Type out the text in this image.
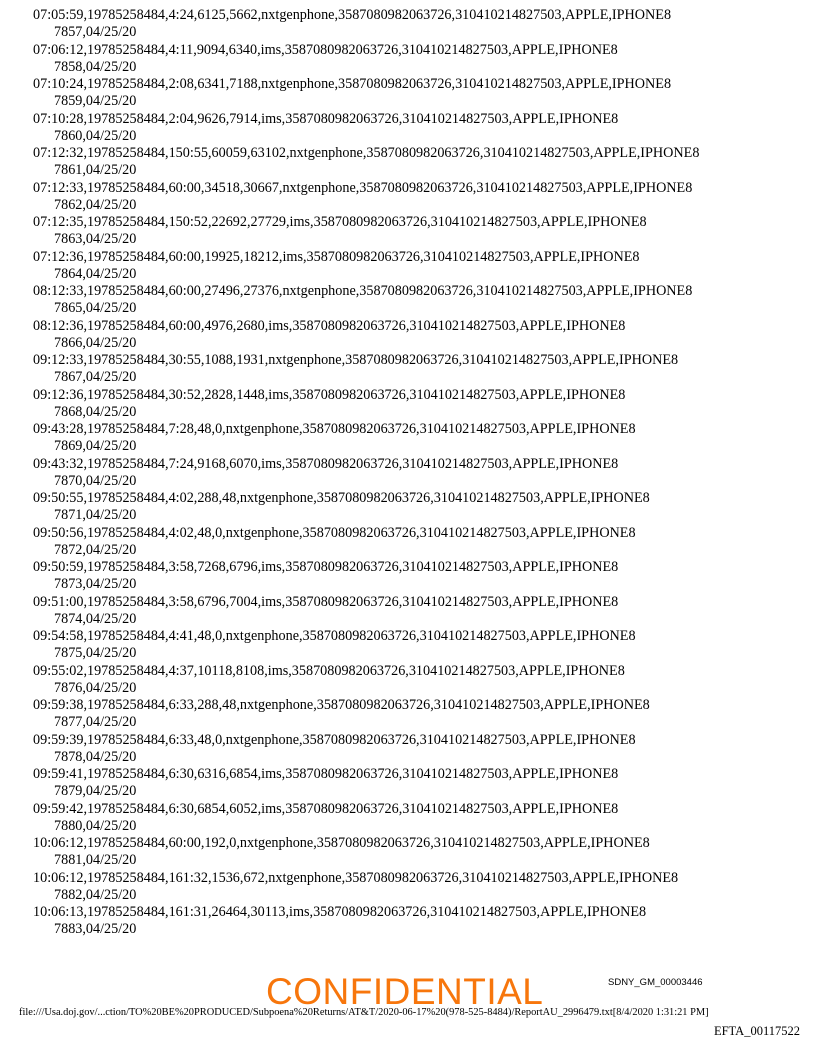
07:05:59,19785258484,4:24,6125,5662,nxtgenphone,3587080982063726,310410214827503,APPLE,IPHONE8
7857,04/25/20
07:06:12,19785258484,4:11,9094,6340,ims,3587080982063726,310410214827503,APPLE,IPHONE8
7858,04/25/20
07:10:24,19785258484,2:08,6341,7188,nxtgenphone,3587080982063726,310410214827503,APPLE,IPHONE8
7859,04/25/20
07:10:28,19785258484,2:04,9626,7914,ims,3587080982063726,310410214827503,APPLE,IPHONE8
7860,04/25/20
07:12:32,19785258484,150:55,60059,63102,nxtgenphone,3587080982063726,310410214827503,APPLE,IPHONE8
7861,04/25/20
07:12:33,19785258484,60:00,34518,30667,nxtgenphone,3587080982063726,310410214827503,APPLE,IPHONE8
7862,04/25/20
07:12:35,19785258484,150:52,22692,27729,ims,3587080982063726,310410214827503,APPLE,IPHONE8
7863,04/25/20
07:12:36,19785258484,60:00,19925,18212,ims,3587080982063726,310410214827503,APPLE,IPHONE8
7864,04/25/20
08:12:33,19785258484,60:00,27496,27376,nxtgenphone,3587080982063726,310410214827503,APPLE,IPHONE8
7865,04/25/20
08:12:36,19785258484,60:00,4976,2680,ims,3587080982063726,310410214827503,APPLE,IPHONE8
7866,04/25/20
09:12:33,19785258484,30:55,1088,1931,nxtgenphone,3587080982063726,310410214827503,APPLE,IPHONE8
7867,04/25/20
09:12:36,19785258484,30:52,2828,1448,ims,3587080982063726,310410214827503,APPLE,IPHONE8
7868,04/25/20
09:43:28,19785258484,7:28,48,0,nxtgenphone,3587080982063726,310410214827503,APPLE,IPHONE8
7869,04/25/20
09:43:32,19785258484,7:24,9168,6070,ims,3587080982063726,310410214827503,APPLE,IPHONE8
7870,04/25/20
09:50:55,19785258484,4:02,288,48,nxtgenphone,3587080982063726,310410214827503,APPLE,IPHONE8
7871,04/25/20
09:50:56,19785258484,4:02,48,0,nxtgenphone,3587080982063726,310410214827503,APPLE,IPHONE8
7872,04/25/20
09:50:59,19785258484,3:58,7268,6796,ims,3587080982063726,310410214827503,APPLE,IPHONE8
7873,04/25/20
09:51:00,19785258484,3:58,6796,7004,ims,3587080982063726,310410214827503,APPLE,IPHONE8
7874,04/25/20
09:54:58,19785258484,4:41,48,0,nxtgenphone,3587080982063726,310410214827503,APPLE,IPHONE8
7875,04/25/20
09:55:02,19785258484,4:37,10118,8108,ims,3587080982063726,310410214827503,APPLE,IPHONE8
7876,04/25/20
09:59:38,19785258484,6:33,288,48,nxtgenphone,3587080982063726,310410214827503,APPLE,IPHONE8
7877,04/25/20
09:59:39,19785258484,6:33,48,0,nxtgenphone,3587080982063726,310410214827503,APPLE,IPHONE8
7878,04/25/20
09:59:41,19785258484,6:30,6316,6854,ims,3587080982063726,310410214827503,APPLE,IPHONE8
7879,04/25/20
09:59:42,19785258484,6:30,6854,6052,ims,3587080982063726,310410214827503,APPLE,IPHONE8
7880,04/25/20
10:06:12,19785258484,60:00,192,0,nxtgenphone,3587080982063726,310410214827503,APPLE,IPHONE8
7881,04/25/20
10:06:12,19785258484,161:32,1536,672,nxtgenphone,3587080982063726,310410214827503,APPLE,IPHONE8
7882,04/25/20
10:06:13,19785258484,161:31,26464,30113,ims,3587080982063726,310410214827503,APPLE,IPHONE8
7883,04/25/20
SDNY_GM_00003446
CONFIDENTIAL
file:///Usa.doj.gov/...ction/TO%20BE%20PRODUCED/Subpoena%20Returns/AT&T/2020-06-17%20(978-525-8484)/ReportAU_2996479.txt[8/4/2020 1:31:21 PM]
EFTA_00117522
